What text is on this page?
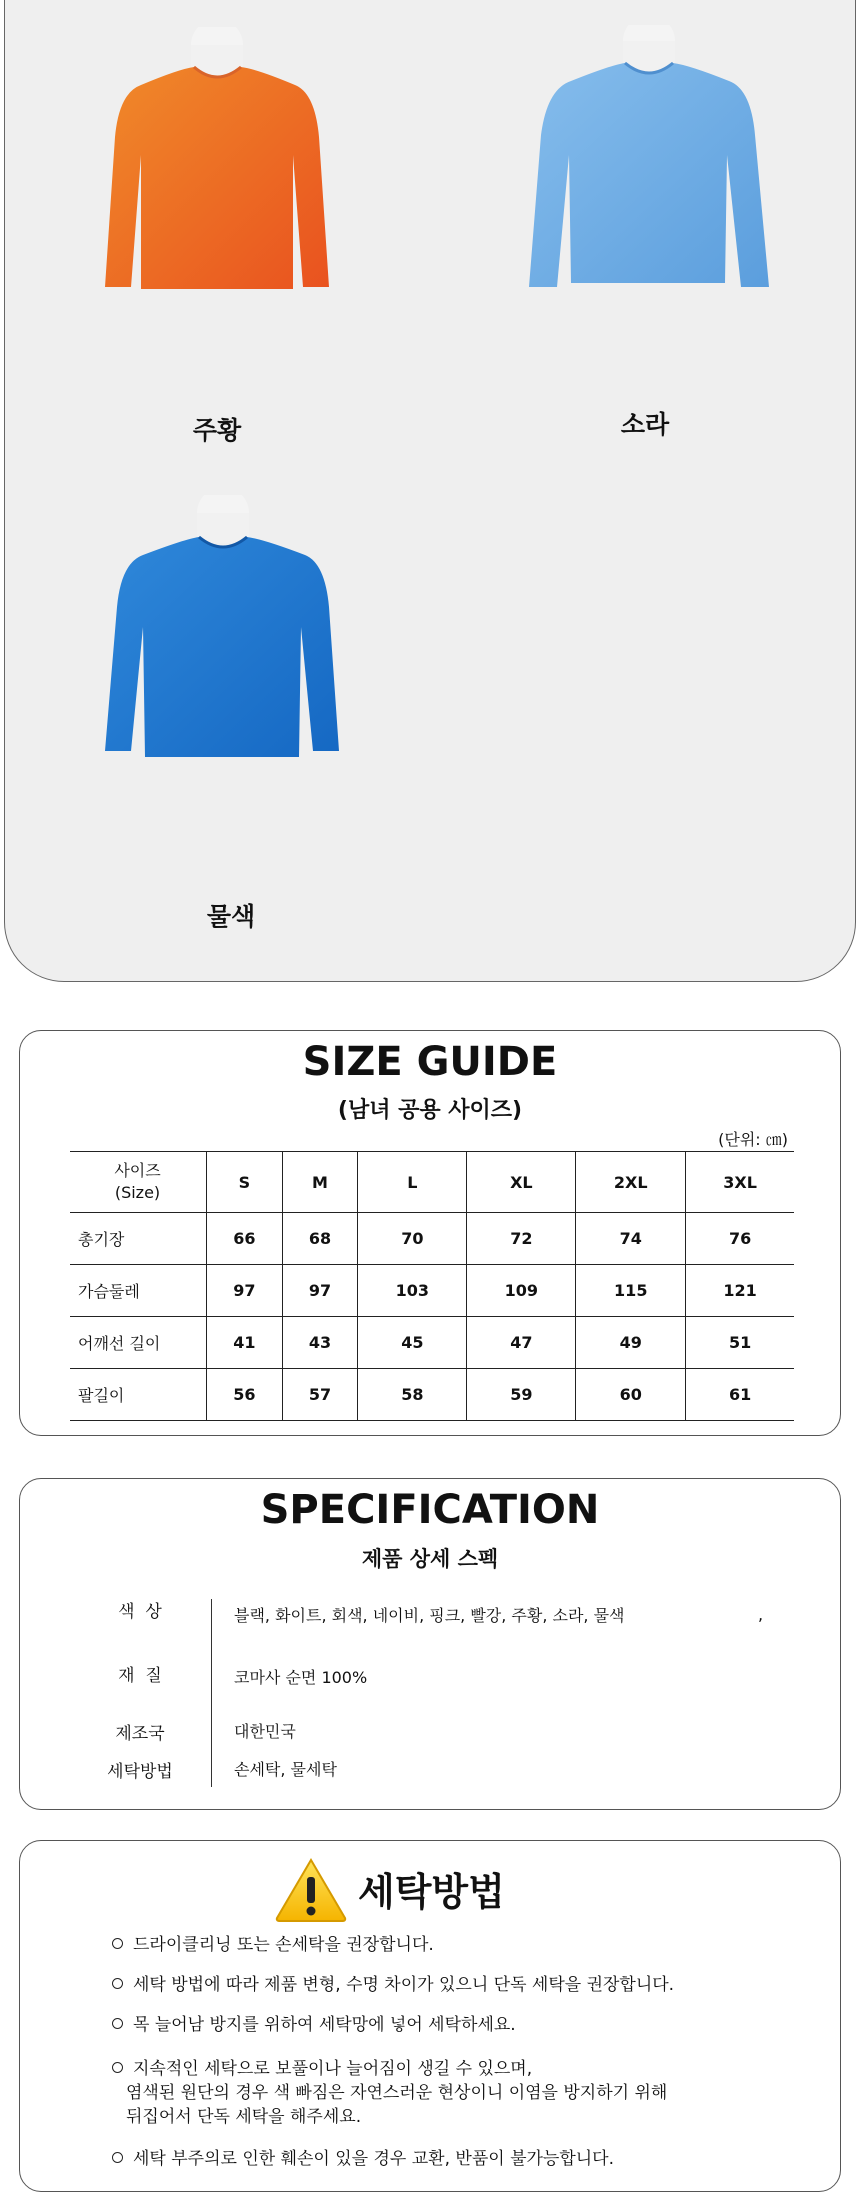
주황	소라
물색
SIZE GUIDE
(남녀 공용 사이즈)
(단위: ㎝)
사이즈
(Size)	S	M	L	XL	2XL	3XL
총기장	66	68	70	72	74	76
가슴둘레	97	97	103	109	115	121
어깨선 길이	41	43	45	47	49	51
팔길이	56	57	58	59	60	61
SPECIFICATION
제품 상세 스펙
색  상	블랙, 화이트, 회색, 네이비, 핑크, 빨강, 주황, 소라, 물색	,
재  질	코마사 순면 100%
제조국	대한민국
세탁방법	손세탁, 물세탁
세탁방법
드라이클리닝 또는 손세탁을 권장합니다.
세탁 방법에 따라 제품 변형, 수명 차이가 있으니 단독 세탁을 권장합니다.
목 늘어남 방지를 위하여 세탁망에 넣어 세탁하세요.
지속적인 세탁으로 보풀이나 늘어짐이 생길 수 있으며,
염색된 원단의 경우 색 빠짐은 자연스러운 현상이니 이염을 방지하기 위해
뒤집어서 단독 세탁을 해주세요.
세탁 부주의로 인한 훼손이 있을 경우 교환, 반품이 불가능합니다.
